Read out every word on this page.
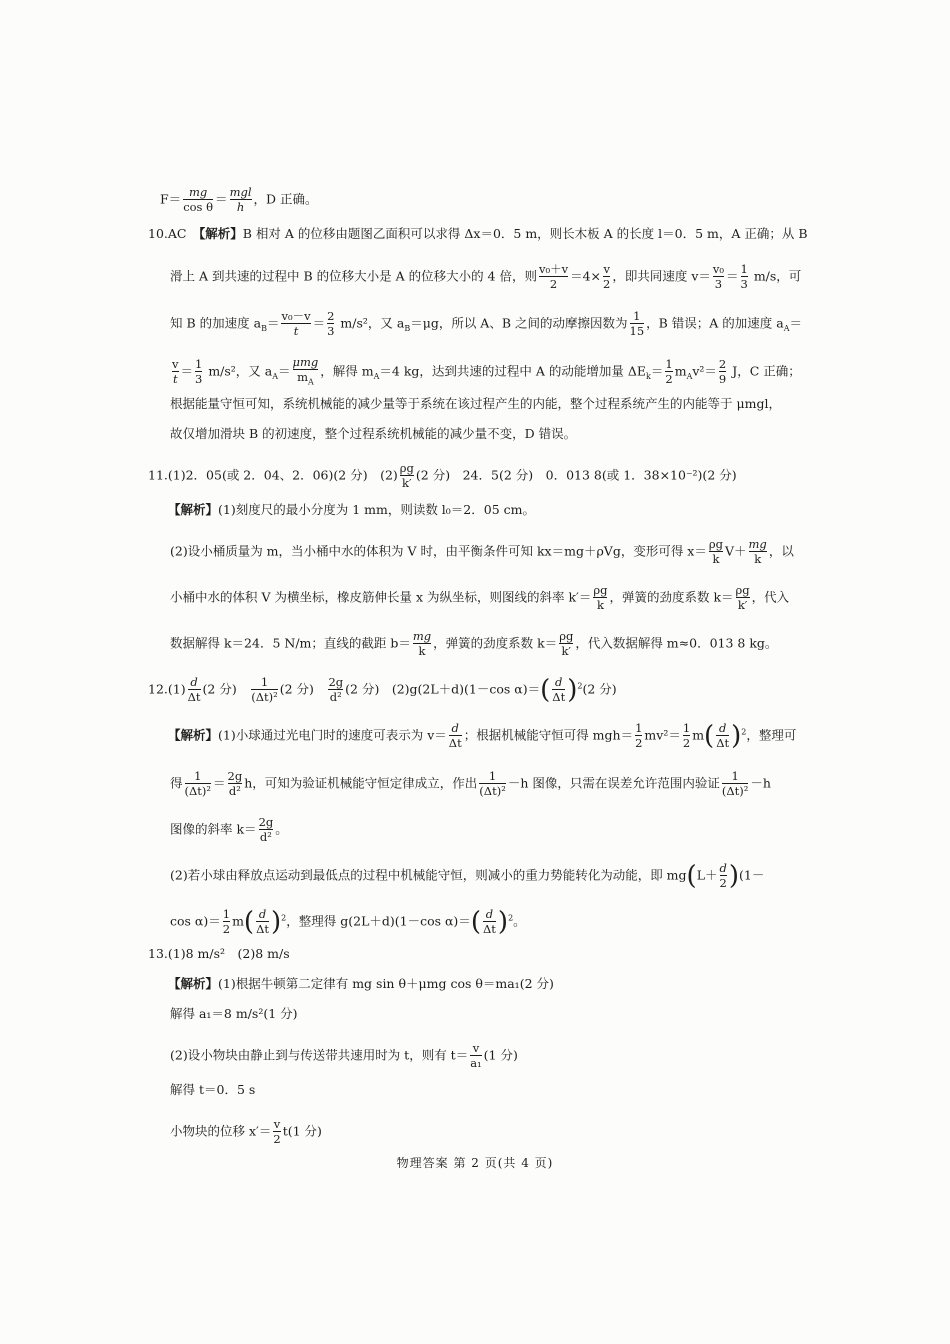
$F= \frac{mg}{\text{cos θ}}$ ＝ mgl
h
，D 正确。
10.AC　 【解析】B 相对 A 的位移由题图乙面积可以求得 Δx＝0．5 m，则长木板 A 的长度 l＝0．5 m，A 正确；从 B
滑上 A 到共速的过程中 B 的位移大小是 A 的位移大小的 4 倍，则 $\frac{\text{v₀＋v}}{2} =4\times \frac{v}{2}$ ，即共同速度 $v= \frac{\text{v₀}}{3} = \frac{1}{3} m/s$，可
知 B 的加速度 $a_B= \frac{\text{v₀－v}}{t} = \frac{2}{3} m/s^2$，又 $a_B=\mu g$，所以 A、B 之间的动摩擦因数为 $\frac{1}{15}$ ，B 错误；A 的加速度 $a_A=$
$\frac{v}{t} = \frac{1}{3} m/s^2$，又 $a_A=$
μmg
$m_A$
，解得 $m_A=4$ kg，达到共速的过程中 A 的动能增加量 $\Delta E_k= \frac{1}{2} m_Av^2= \frac{2}{9}$ J，C 正确；
根据能量守恒可知，系统机械能的减少量等于系统在该过程产生的内能，整个过程系统产生的内能等于 μmgl，
故仅增加滑块 B 的初速度，整个过程系统机械能的减少量不变，D 错误。
11.(1)2．05(或 2．04、2．06)(2 分)　$(2) \frac{\rho g}{k'} (2$ 分)　24．5(2 分)　0．013 8(或 1．38×10⁻²)(2 分)
【解析】(1)刻度尺的最小分度为 1 mm，则读数 l₀＝2．05 cm。
(2)设小桶质量为 m，当小桶中水的体积为 V 时，由平衡条件可知 kx＝mg＋ρVg，变形可得 $x= \frac{\rho g}{k} V+ \frac{mg}{k}$ ，以
小桶中水的体积 V 为横坐标，橡皮筋伸长量 x 为纵坐标，则图线的斜率 $k'= \frac{\rho g}{k}$ ，弹簧的劲度系数 $k= \frac{\rho g}{k'}$ ，代入
数据解得 k＝24．5 N/m；直线的截距 $b= \frac{mg}{k}$ ，弹簧的劲度系数 $k= \frac{\rho g}{k'}$ ，代入数据解得 m≈0．013 8 kg。
$12.(1) \frac{d}{\Delta t} (2$ 分)　 $\frac{1}{\text{(Δt)²}} (2$ 分)　 $\frac{2g}{\text{d²}} (2$ 分)　(2)g(2L＋d)(1－cos $\alpha)=( \frac{d}{\Delta t} )^2(2$ 分)
【解析】(1)小球通过光电门时的速度可表示为 $v= \frac{d}{\Delta t}$ ；根据机械能守恒可得 $mgh= \frac{1}{2} mv^2= \frac{1}{2} m( \frac{d}{\Delta t} )^2$，整理可
得 $\frac{1}{\text{(Δt)²}} = \frac{2g}{\text{d²}}$ h，可知为验证机械能守恒定律成立，作出 $\frac{1}{\text{(Δt)²}} -h$ 图像，只需在误差允许范围内验证 $\frac{1}{\text{(Δt)²}} -h$
图像的斜率 $k= \frac{2g}{\text{d²}}$ 。
(2)若小球由释放点运动到最低点的过程中机械能守恒，则减小的重力势能转化为动能，即 $mg(L+ \frac{d}{2} )(1-$
$\cos \alpha)= \frac{1}{2} m( \frac{d}{\Delta t} )^2$，整理得 g(2L＋d)(1－cos $\alpha)=( \frac{d}{\Delta t} )^2$。
13.(1)8 m/s²　(2)8 m/s
【解析】(1)根据牛顿第二定律有 mg sin θ＋μmg cos θ＝ma₁(2 分)
解得 a₁＝8 m/s²(1 分)
(2)设小物块由静止到与传送带共速用时为 t，则有 $t= \frac{v}{\text{a₁}} (1$ 分)
解得 t＝0．5 s
小物块的位移 $x'= \frac{v}{2} t(1$ 分)
物理答案 第 2 页(共 4 页)
